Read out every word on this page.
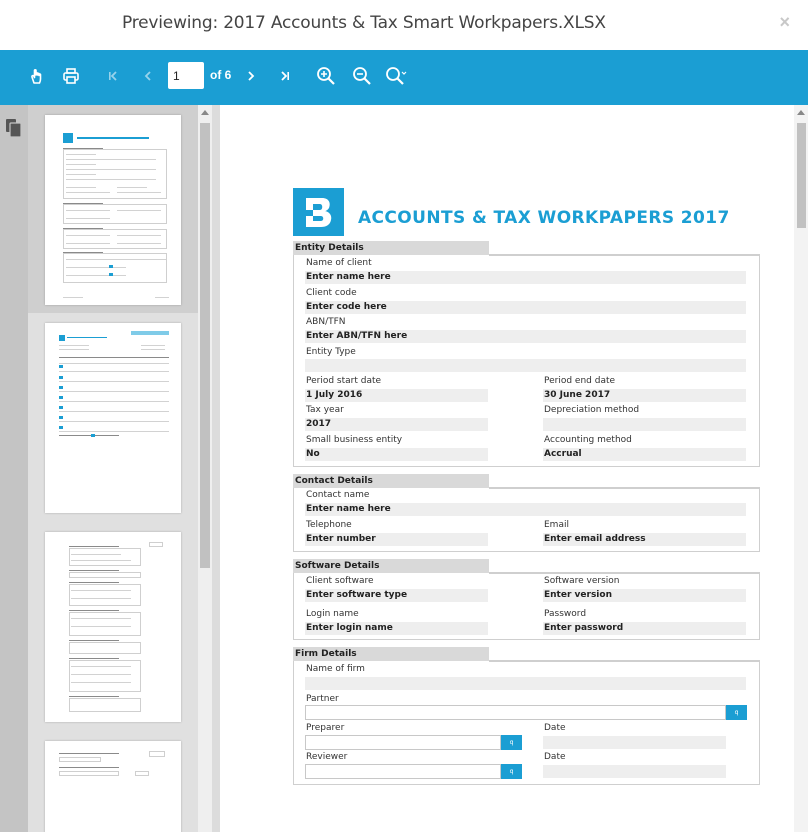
Previewing: 2017 Accounts & Tax Smart Workpapers.XLSX	×
1
of 6
ACCOUNTS & TAX WORKPAPERS 2017
Entity Details
Name of client
Enter name here
Client code
Enter code here
ABN/TFN
Enter ABN/TFN here
Entity Type
Period start date
1 July 2016
Period end date
30 June 2017
Tax year
2017
Depreciation method
Small business entity
No
Accounting method
Accrual
Contact Details
Contact name
Enter name here
Telephone
Enter number
Email
Enter email address
Software Details
Client software
Enter software type
Software version
Enter version
Login name
Enter login name
Password
Enter password
Firm Details
Name of firm
Partner
q
Preparer
q
Date
Reviewer
q
Date
